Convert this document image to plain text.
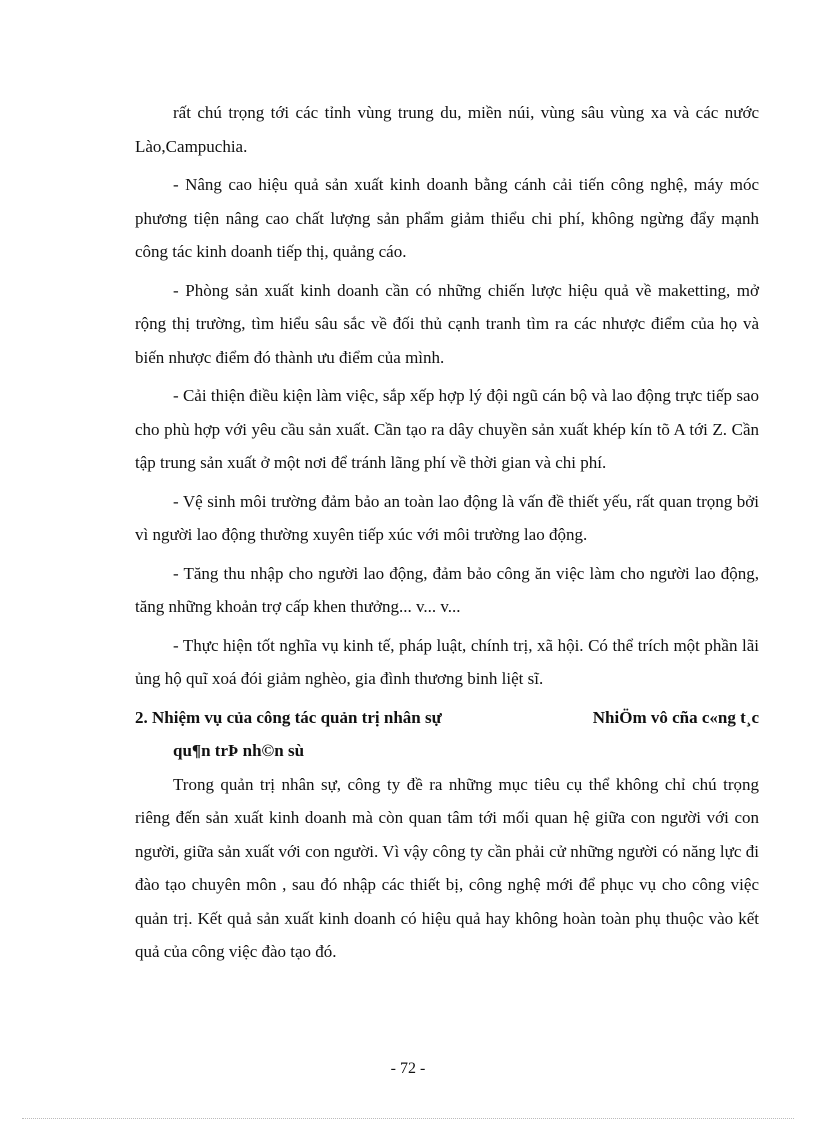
rất chú trọng tới các tỉnh vùng trung du, miền núi, vùng sâu vùng xa và các nước Lào,Campuchia.

- Nâng cao hiệu quả sản xuất kinh doanh bằng cánh cải tiến công nghệ, máy móc phương tiện nâng cao chất lượng sản phẩm giảm thiểu chi phí, không ngừng đẩy mạnh công tác kinh doanh tiếp thị, quảng cáo.

- Phòng sản xuất kinh doanh cần có những chiến lược hiệu quả về maketting, mở rộng thị trường, tìm hiểu sâu sắc về đối thủ cạnh tranh tìm ra các nhược điểm của họ và biến nhược điểm đó thành ưu điểm của mình.

- Cải thiện điều kiện làm việc, sắp xếp hợp lý đội ngũ cán bộ và lao động trực tiếp sao cho phù hợp với yêu cầu sản xuất. Cần tạo ra dây chuyền sản xuất khép kín tõ A tới Z. Cần tập trung sản xuất ở một nơi để tránh lãng phí về thời gian và chi phí.

- Vệ sinh môi trường đảm bảo an toàn lao động là vấn đề thiết yếu, rất quan trọng bởi vì người lao động thường xuyên tiếp xúc với môi trường lao động.

- Tăng thu nhập cho người lao động, đảm bảo công ăn việc làm cho người lao động, tăng những khoản trợ cấp khen thưởng... v... v...

- Thực hiện tốt nghĩa vụ kinh tế, pháp luật, chính trị, xã hội. Có thể trích một phần lãi ủng hộ quĩ xoá đói giảm nghèo, gia đình thương binh liệt sĩ.

2. Nhiệm vụ của công tác quản trị nhân sự	NhiÖm vô cña c«ng t¸c
qu¶n trÞ nh©n sù

Trong quản trị nhân sự, công ty đề ra những mục tiêu cụ thể không chỉ chú trọng riêng đến sản xuất kinh doanh mà còn quan tâm tới mối quan hệ giữa con người với con người, giữa sản xuất với con người. Vì vậy công ty cần phải cử những người có năng lực đi đào tạo chuyên môn , sau đó nhập các thiết bị, công nghệ mới để phục vụ cho công việc quản trị. Kết quả sản xuất kinh doanh có hiệu quả hay không hoàn toàn phụ thuộc vào kết quả của công việc đào tạo đó.

- 72 -
